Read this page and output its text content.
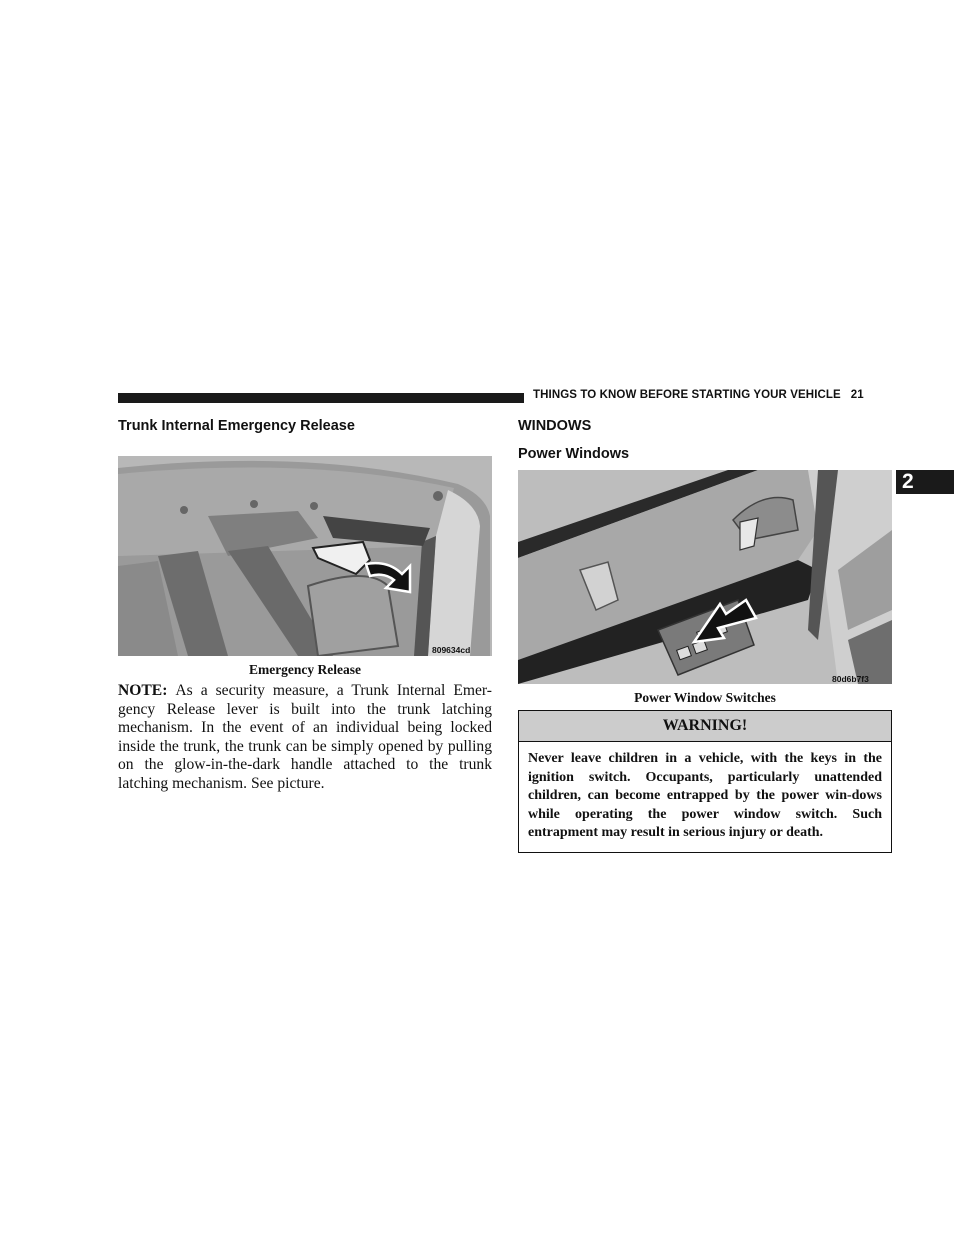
THINGS TO KNOW BEFORE STARTING YOUR VEHICLE 21
2
Trunk Internal Emergency Release
809634cd
Emergency Release
NOTE: As a security measure, a Trunk Internal Emer-gency Release lever is built into the trunk latching mechanism. In the event of an individual being locked inside the trunk, the trunk can be simply opened by pulling on the glow-in-the-dark handle attached to the trunk latching mechanism. See picture.
WINDOWS
Power Windows
80d6b7f3
Power Window Switches
WARNING!
Never leave children in a vehicle, with the keys in the ignition switch. Occupants, particularly unattended children, can become entrapped by the power win-dows while operating the power window switch. Such entrapment may result in serious injury or death.
